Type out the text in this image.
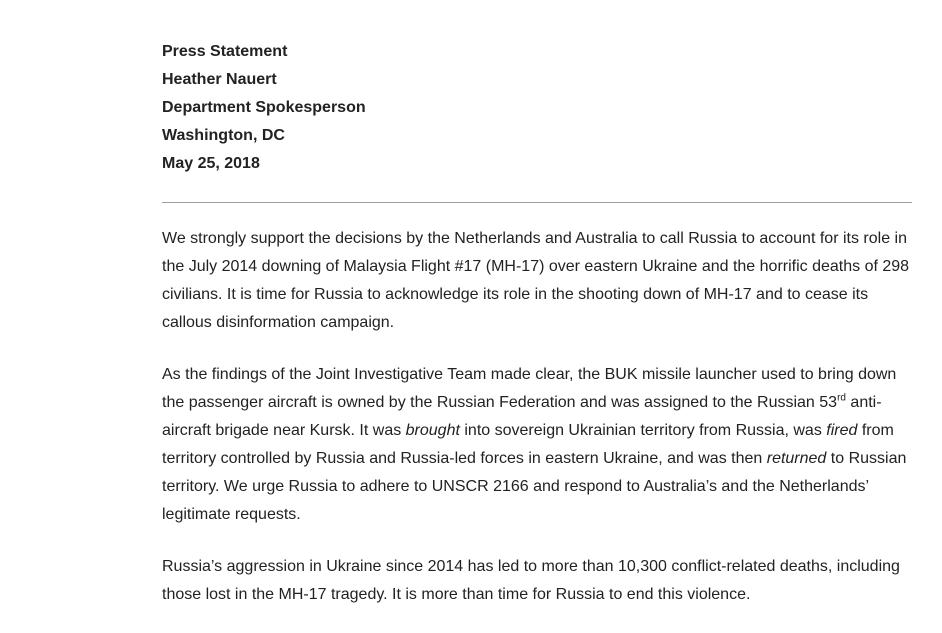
Press Statement
Heather Nauert
Department Spokesperson
Washington, DC
May 25, 2018

We strongly support the decisions by the Netherlands and Australia to call Russia to account for its role in the July 2014 downing of Malaysia Flight #17 (MH-17) over eastern Ukraine and the horrific deaths of 298 civilians. It is time for Russia to acknowledge its role in the shooting down of MH-17 and to cease its callous disinformation campaign.

As the findings of the Joint Investigative Team made clear, the BUK missile launcher used to bring down the passenger aircraft is owned by the Russian Federation and was assigned to the Russian 53rd anti-aircraft brigade near Kursk. It was brought into sovereign Ukrainian territory from Russia, was fired from territory controlled by Russia and Russia-led forces in eastern Ukraine, and was then returned to Russian territory. We urge Russia to adhere to UNSCR 2166 and respond to Australia’s and the Netherlands’ legitimate requests.

Russia’s aggression in Ukraine since 2014 has led to more than 10,300 conflict-related deaths, including those lost in the MH-17 tragedy. It is more than time for Russia to end this violence.
